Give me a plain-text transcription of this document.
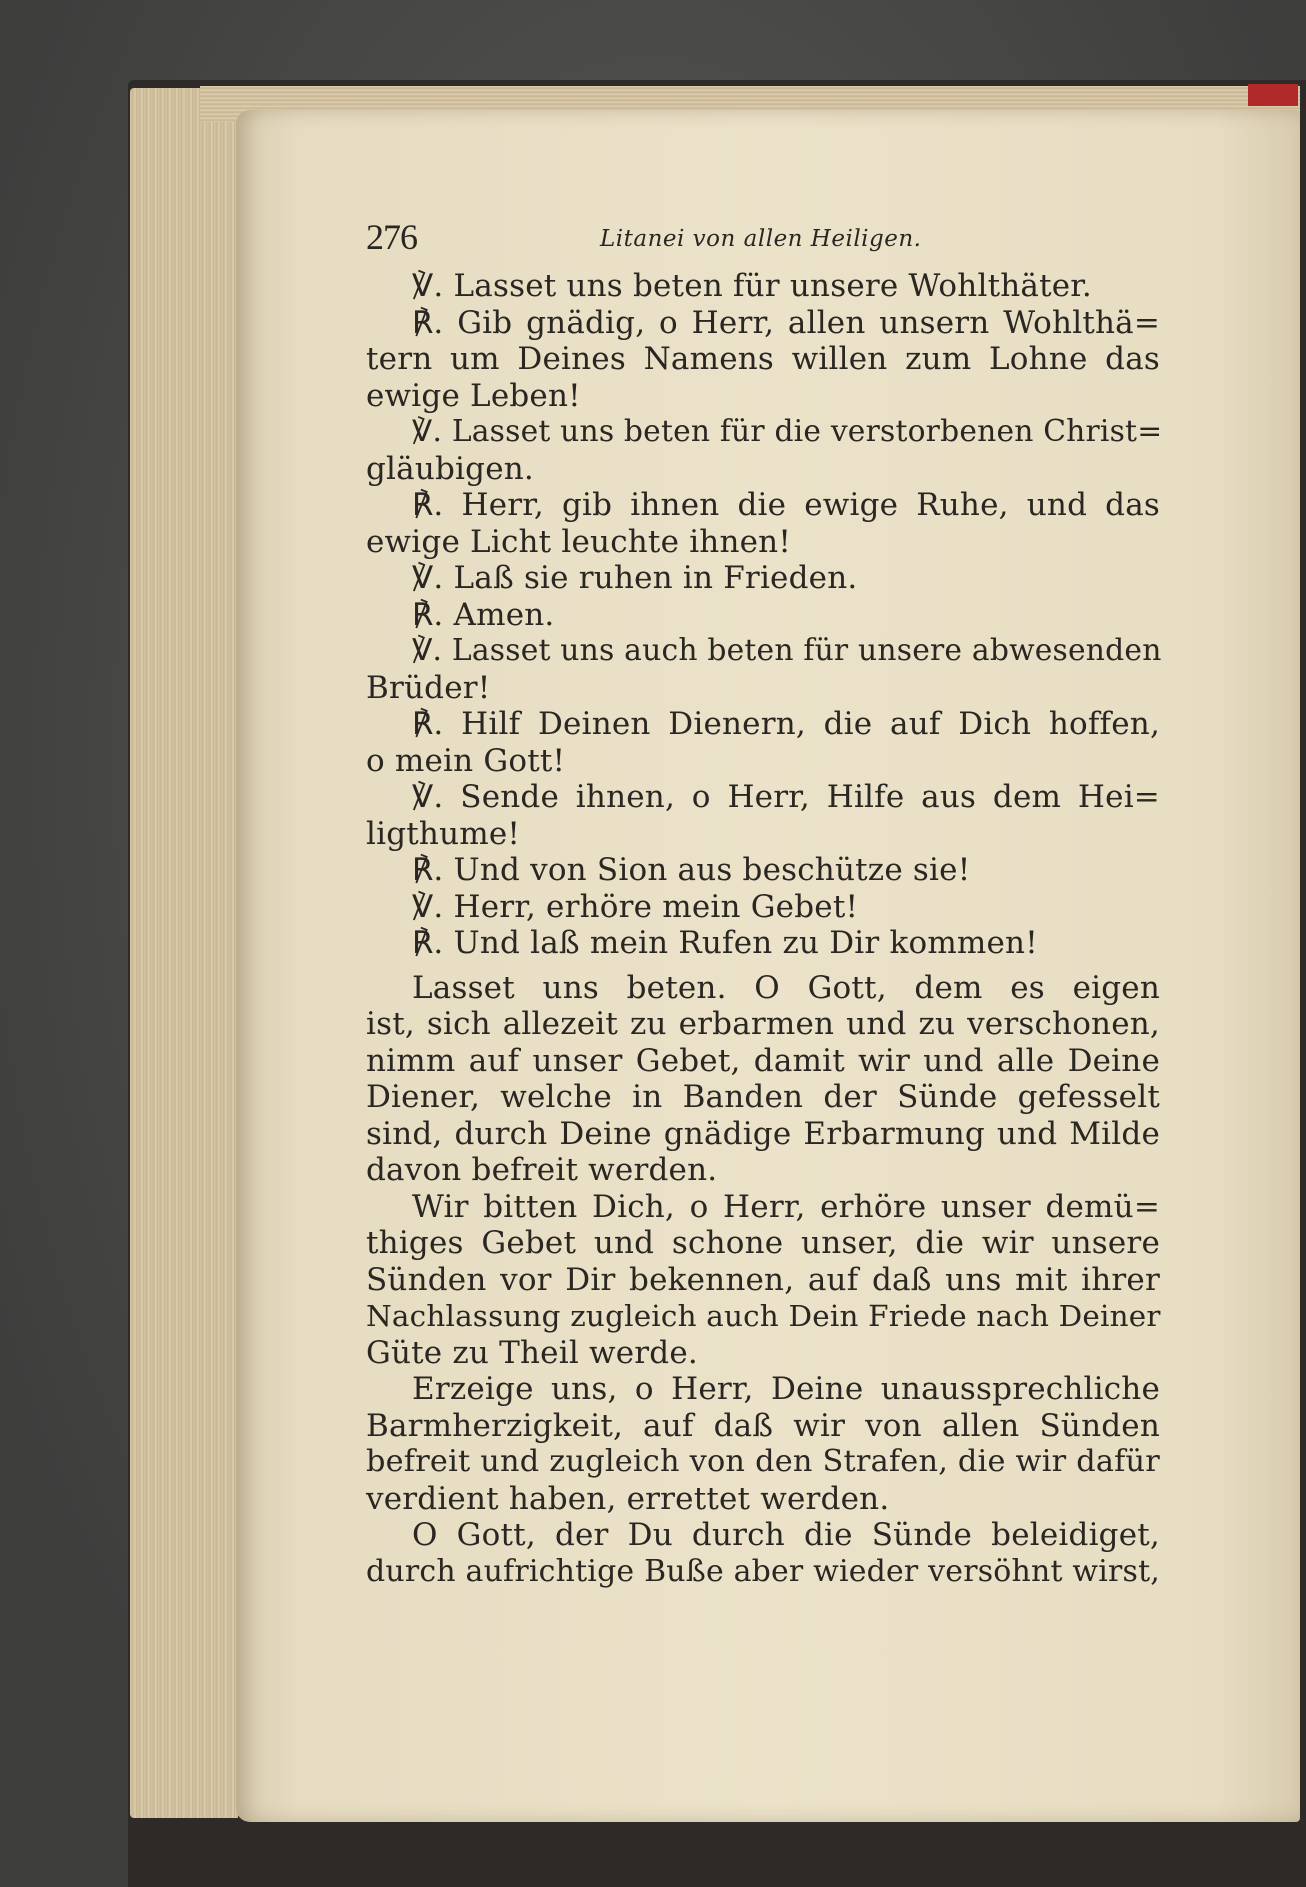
276	Litanei von allen Heiligen.
℣. Lasset uns beten für unsere Wohlthäter.
℟. Gib gnädig, o Herr, allen unsern Wohlthä=
tern um Deines Namens willen zum Lohne das
ewige Leben!
℣. Lasset uns beten für die verstorbenen Christ=
gläubigen.
℟. Herr, gib ihnen die ewige Ruhe, und das
ewige Licht leuchte ihnen!
℣. Laß sie ruhen in Frieden.
℟. Amen.
℣. Lasset uns auch beten für unsere abwesenden
Brüder!
℟. Hilf Deinen Dienern, die auf Dich hoffen,
o mein Gott!
℣. Sende ihnen, o Herr, Hilfe aus dem Hei=
ligthume!
℟. Und von Sion aus beschütze sie!
℣. Herr, erhöre mein Gebet!
℟. Und laß mein Rufen zu Dir kommen!
Lasset uns beten. O Gott, dem es eigen
ist, sich allezeit zu erbarmen und zu verschonen,
nimm auf unser Gebet, damit wir und alle Deine
Diener, welche in Banden der Sünde gefesselt
sind, durch Deine gnädige Erbarmung und Milde
davon befreit werden.
Wir bitten Dich, o Herr, erhöre unser demü=
thiges Gebet und schone unser, die wir unsere
Sünden vor Dir bekennen, auf daß uns mit ihrer
Nachlassung zugleich auch Dein Friede nach Deiner
Güte zu Theil werde.
Erzeige uns, o Herr, Deine unaussprechliche
Barmherzigkeit, auf daß wir von allen Sünden
befreit und zugleich von den Strafen, die wir dafür
verdient haben, errettet werden.
O Gott, der Du durch die Sünde beleidiget,
durch aufrichtige Buße aber wieder versöhnt wirst,
